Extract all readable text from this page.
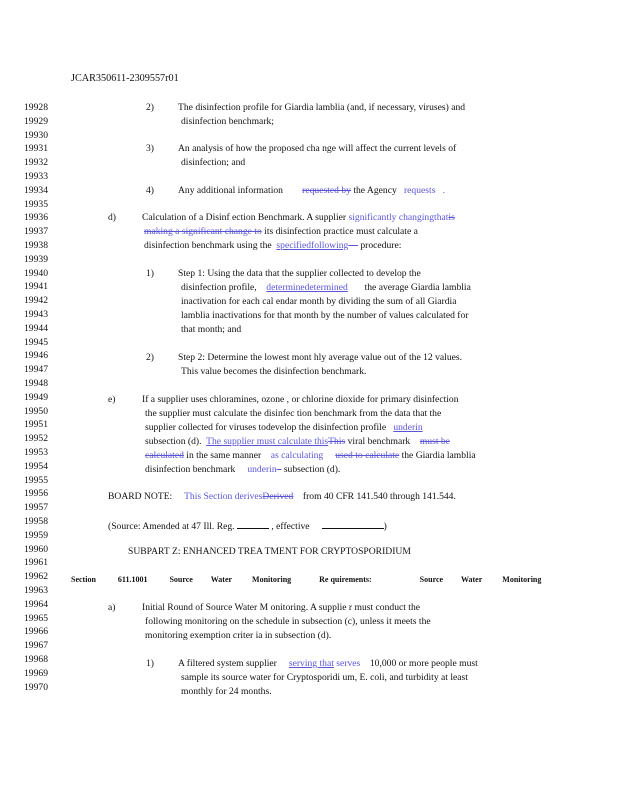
JCAR350611-2309557r01
19928
19929
19930
19931
19932
19933
19934
19935
19936
19937
19938
19939
19940
19941
19942
19943
19944
19945
19946
19947
19948
19949
19950
19951
19952
19953
19954
19955
19956
19957
19958
19959
19960
19961
19962
19963
19964
19965
19966
19967
19968
19969
19970
2)	The disinfection profile for Giardia lamblia (and, if necessary, viruses) and
disinfection benchmark;
3)	An analysis of how the proposed cha nge will affect the current levels of
disinfection; and
4)	Any additional information requested by the Agency requests .
d)	Calculation of a Disinf ection Benchmark. A supplier significantly changingthatis
making a significant change to its disinfection practice must calculate a
disinfection benchmark using the specifiedfollowing procedure:
1)	Step 1: Using the data that the supplier collected to develop the
disinfection profile, determinedetermined the average Giardia lamblia
inactivation for each cal endar month by dividing the sum of all Giardia
lamblia inactivations for that month by the number of values calculated for
that month; and
2)	Step 2: Determine the lowest mont hly average value out of the 12 values.
This value becomes the disinfection benchmark.
e)	If a supplier uses chloramines, ozone , or chlorine dioxide for primary disinfection
the supplier must calculate the disinfec tion benchmark from the data that the
supplier collected for viruses todevelop the disinfection profile underin
subsection (d). The supplier must calculate thisThis viral benchmark must be
calculated in the same manner as calculating used to calculate the Giardia lamblia
disinfection benchmark underin subsection (d).
BOARD NOTE: This Section derivesDerived from 40 CFR 141.540 through 141.544.
(Source: Amended at 47 Ill. Reg.	, effective	)
SUBPART Z: ENHANCED TREA TMENT FOR CRYPTOSPORIDIUM
Section	611.1001	Source Water	Monitoring	Re quirements:	Source Water	Monitoring
a)	Initial Round of Source Water M onitoring. A supplie r must conduct the
following monitoring on the schedule in subsection (c), unless it meets the
monitoring exemption criter ia in subsection (d).
1)	A filtered system supplier serving that serves 10,000 or more people must
sample its source water for Cryptosporidi um, E. coli, and turbidity at least
monthly for 24 months.
